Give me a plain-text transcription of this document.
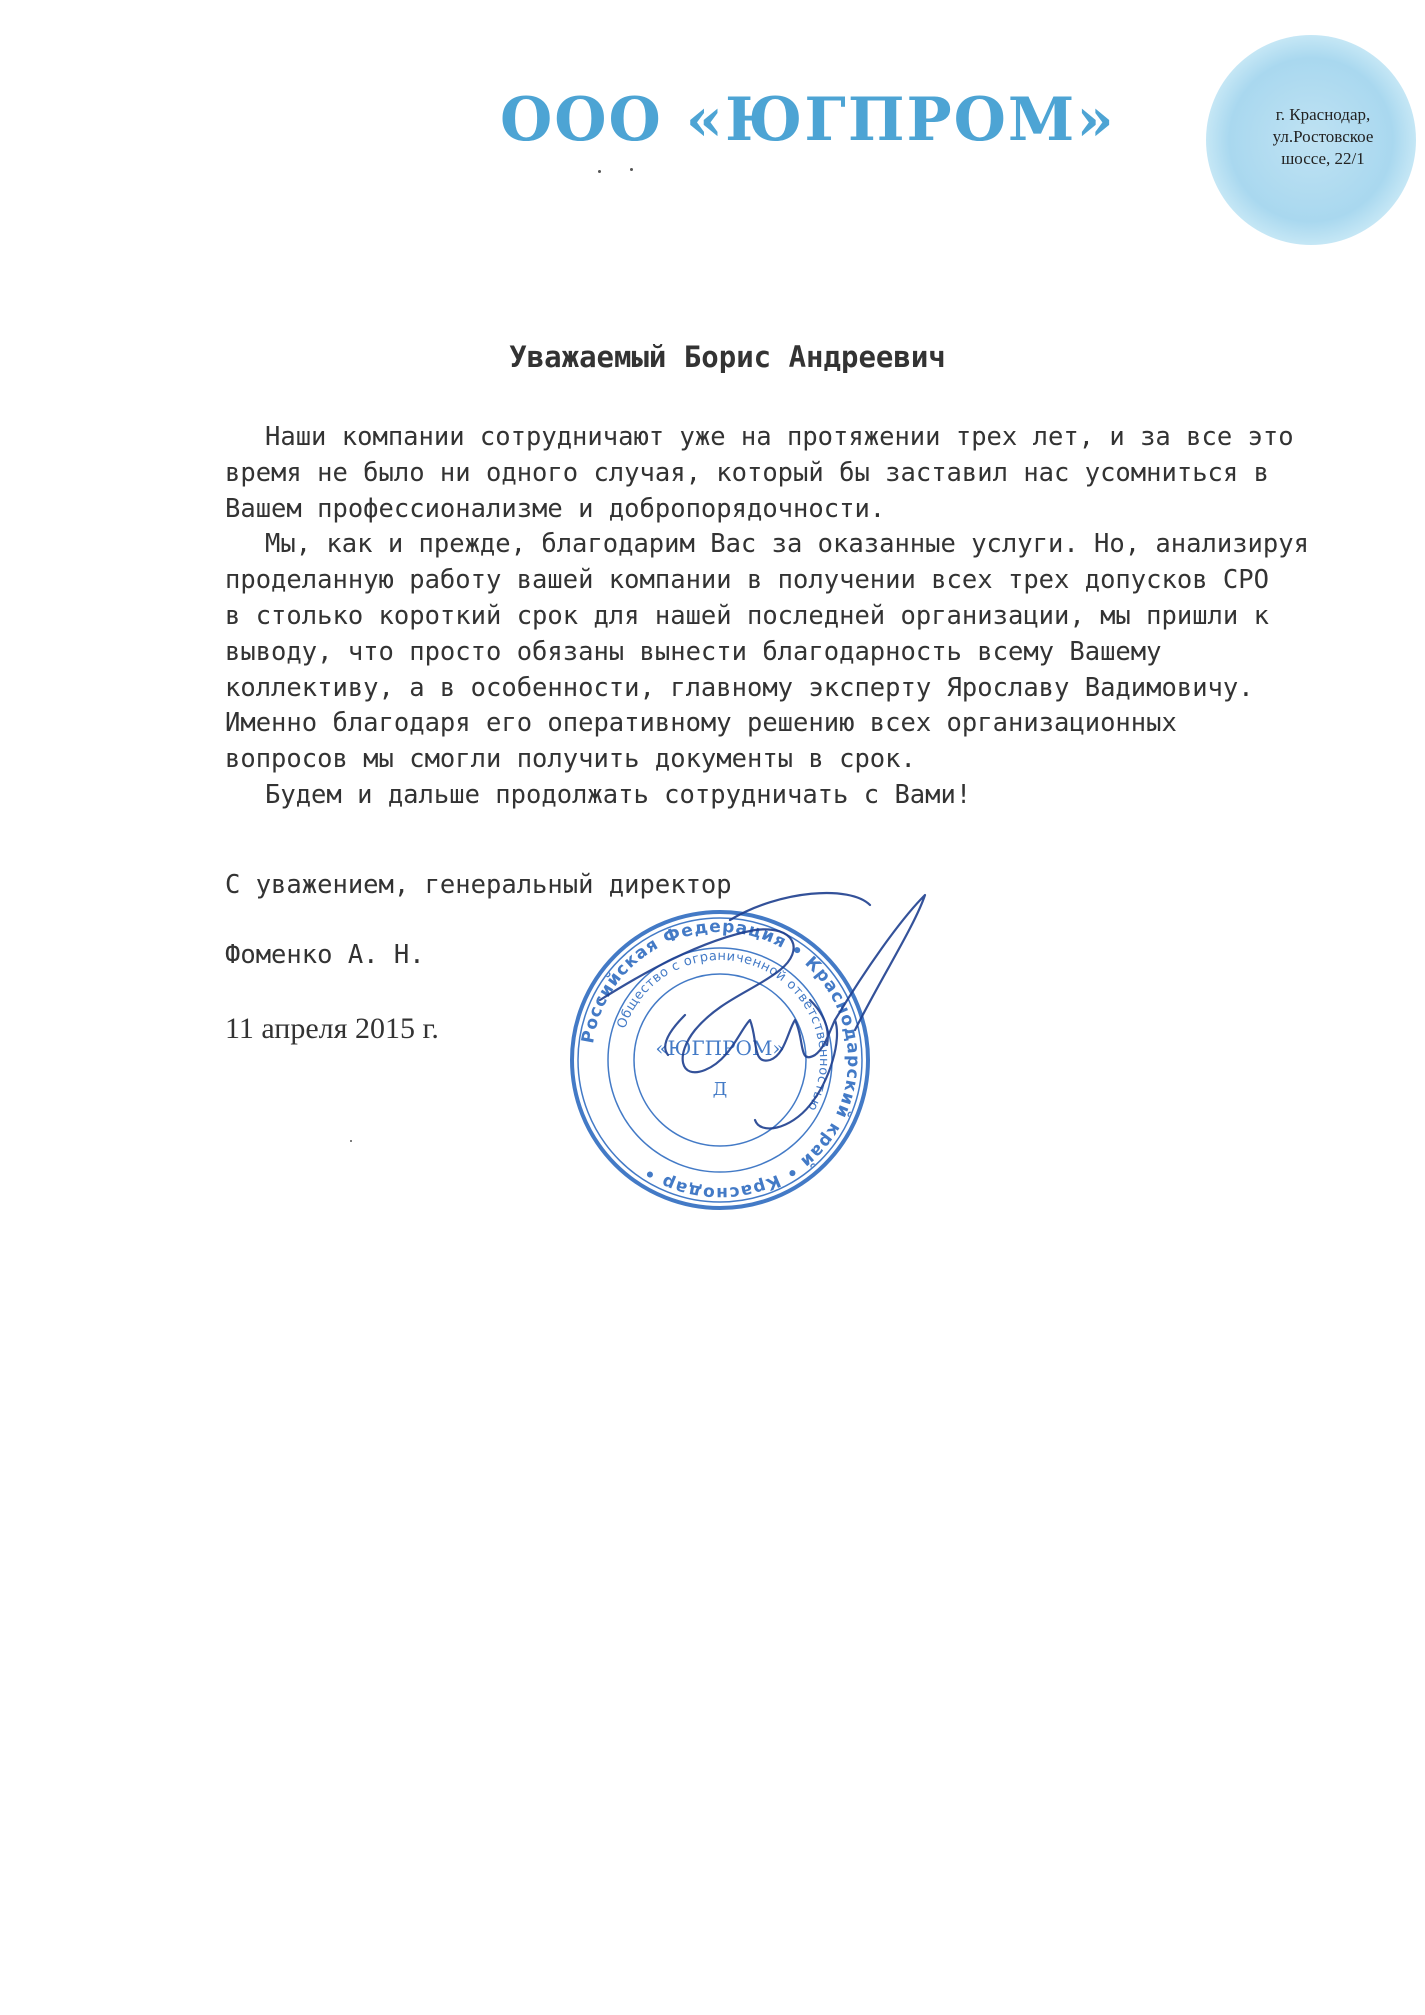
ООО «ЮГПРОМ»	г. Краснодар,
ул.Ростовское
шоссе, 22/1
Уважаемый Борис Андреевич

Наши компании сотрудничают уже на протяжении трех лет, и за все это
время не было ни одного случая, который бы заставил нас усомниться в
Вашем профессионализме и добропорядочности.

Мы, как и прежде, благодарим Вас за оказанные услуги. Но, анализируя
проделанную работу вашей компании в получении всех трех допусков СРО
в столько короткий срок для нашей последней организации, мы пришли к
выводу, что просто обязаны вынести благодарность всему Вашему
коллективу, а в особенности, главному эксперту Ярославу Вадимовичу.
Именно благодаря его оперативному решению всех организационных
вопросов мы смогли получить документы в срок.

Будем и дальше продолжать сотрудничать с Вами!

С уважением, генеральный директор
Фоменко А. Н.
11 апреля 2015 г.	Российская Федерация • Краснодарский край • Краснодар •
Общество с ограниченной ответственностью
«ЮГПРОМ»
Д
